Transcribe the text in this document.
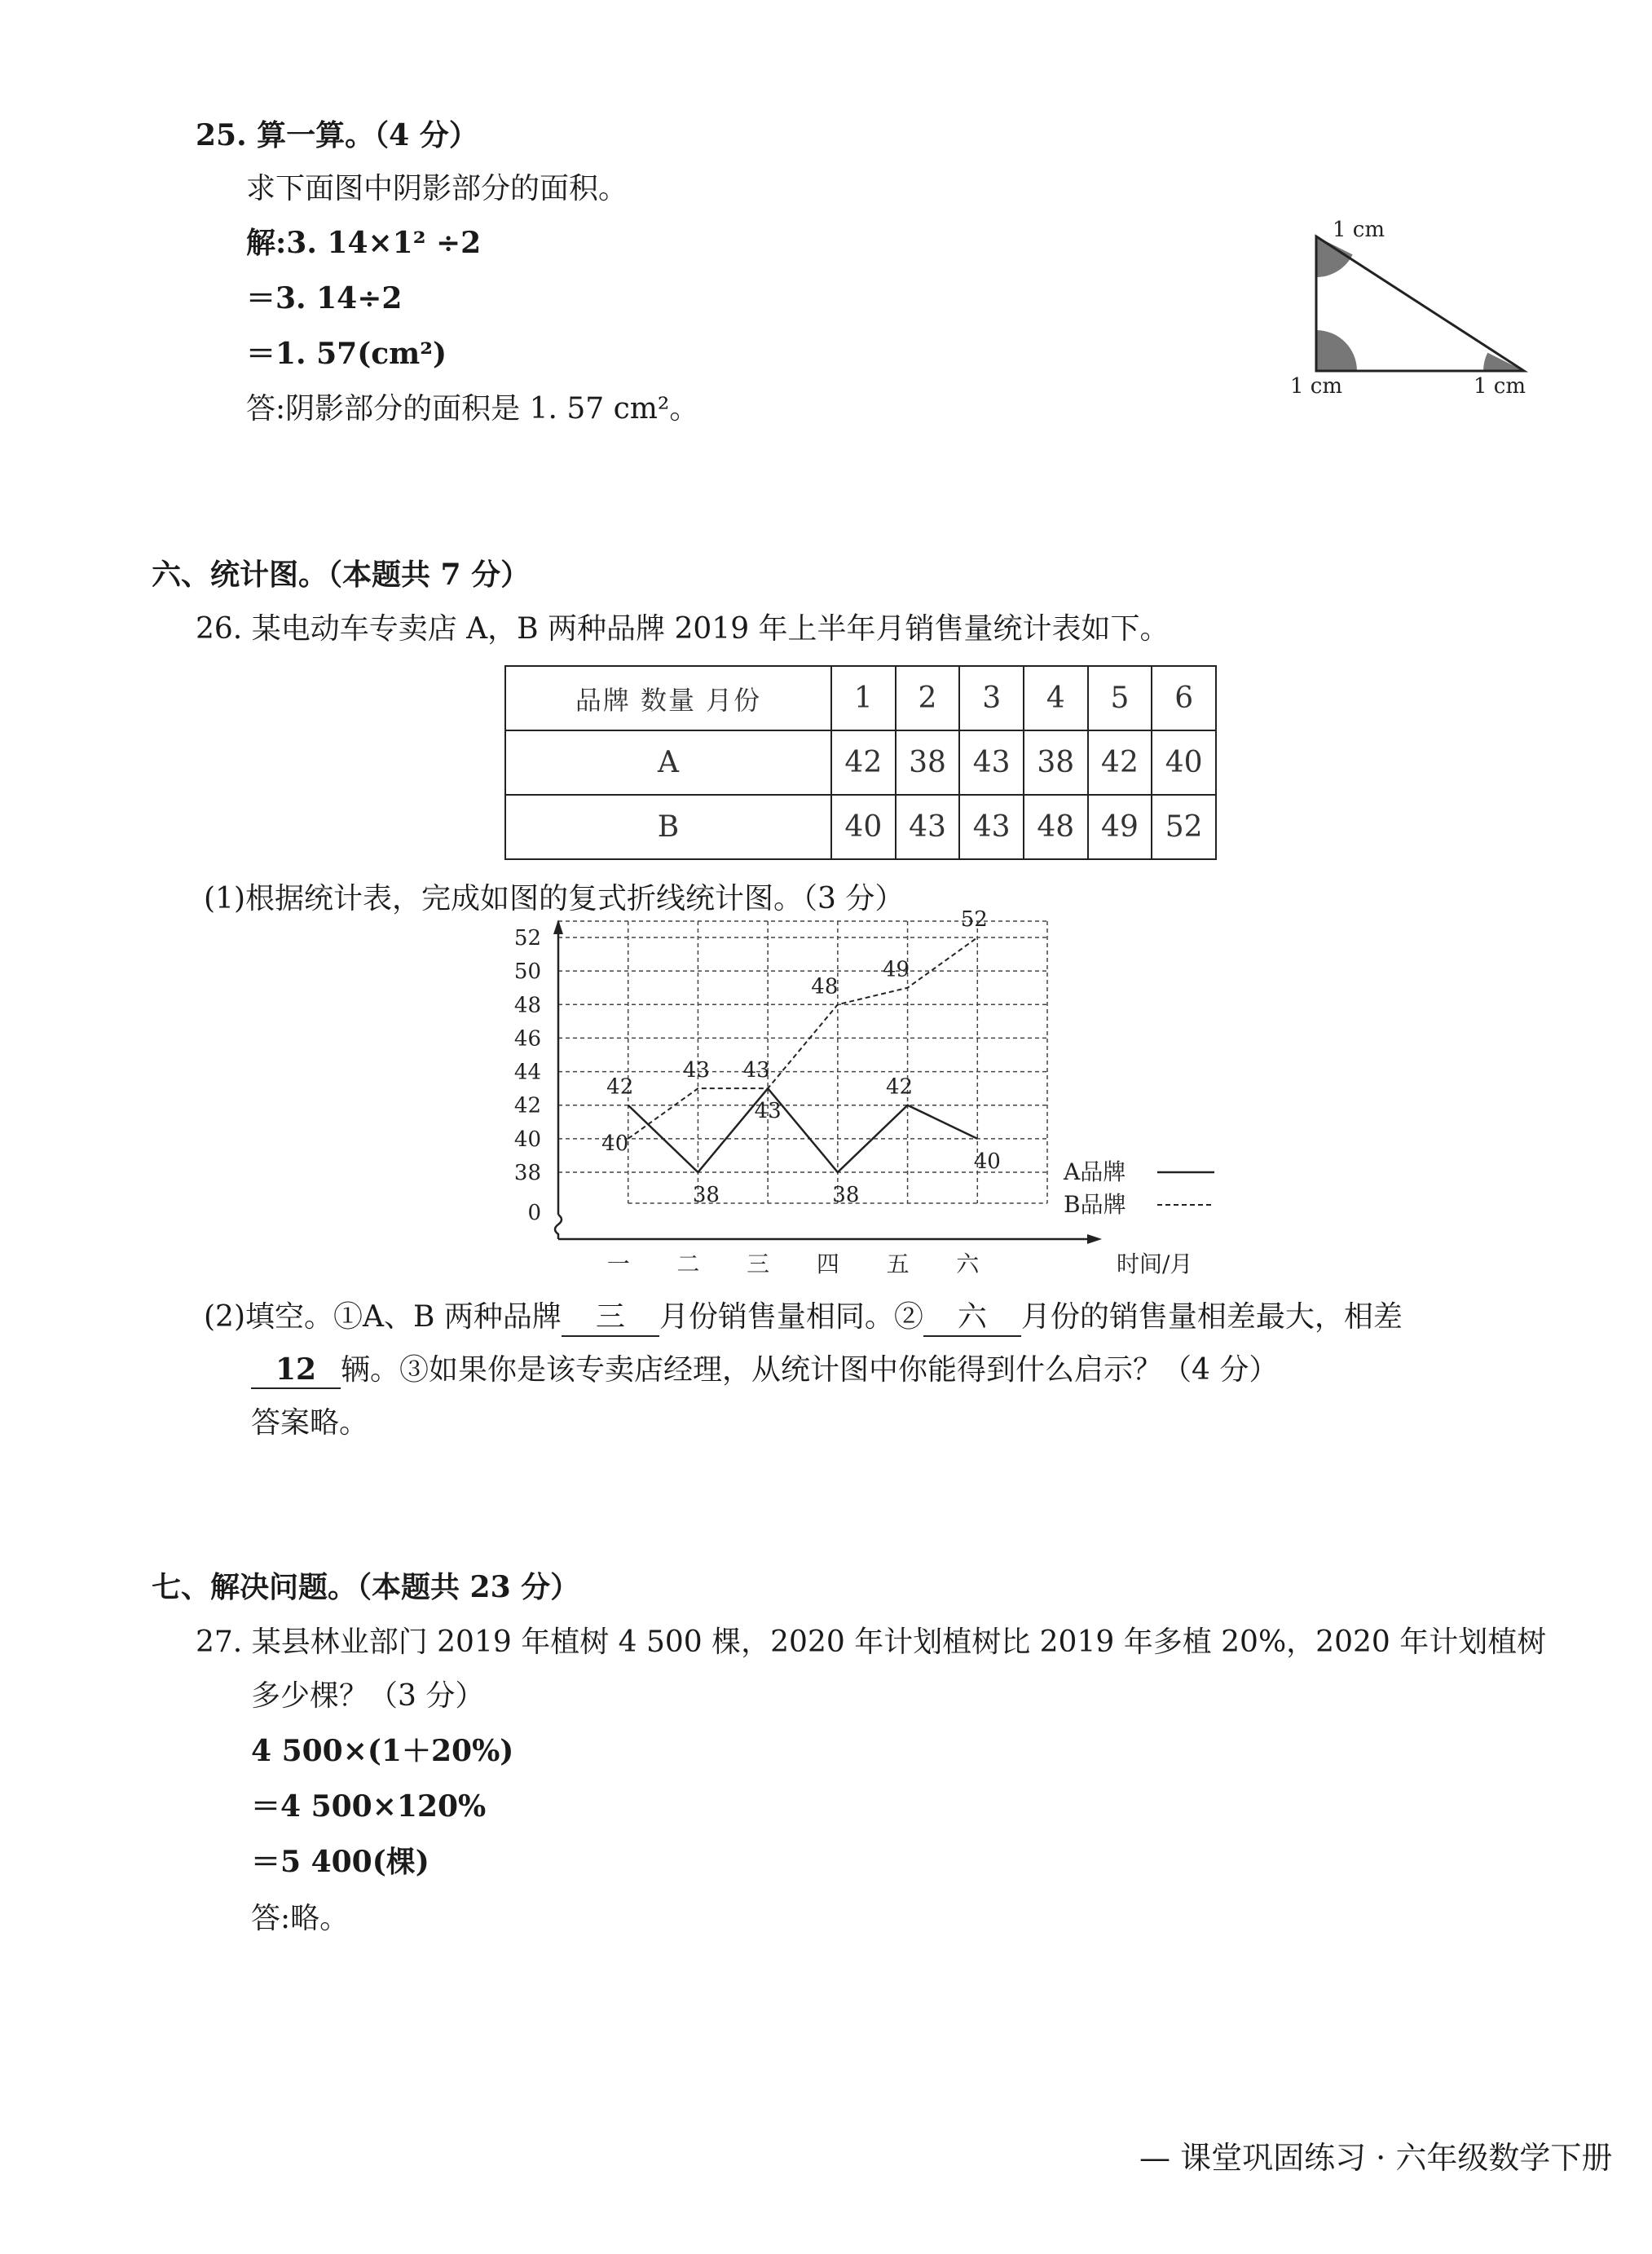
25. 算一算。（4 分）
求下面图中阴影部分的面积。
解:3. 14×1² ÷2
＝3. 14÷2
＝1. 57(cm²)
答:阴影部分的面积是 1. 57 cm²。
1 cm
1 cm	1 cm
六、统计图。（本题共 7 分）
26. 某电动车专卖店 A，B 两种品牌 2019 年上半年月销售量统计表如下。
品牌 数量 月份	1	2	3	4	5	6
A	42	38	43	38	42	40
B	40	43	43	48	49	52
(1)根据统计表，完成如图的复式折线统计图。（3 分）
52
50
48
46
44
42
40
38
0
一 二 三 四 五 六	时间/月
42
38
43
38
42
40
40
43 43
48
49
52
A品牌
B品牌
(2)填空。①A、B 两种品牌 三 月份销售量相同。② 六 月份的销售量相差最大，相差
12 辆。③如果你是该专卖店经理，从统计图中你能得到什么启示？（4 分）
答案略。
七、解决问题。（本题共 23 分）
27. 某县林业部门 2019 年植树 4 500 棵，2020 年计划植树比 2019 年多植 20%，2020 年计划植树
多少棵？（3 分）
4 500×(1＋20%)
＝4 500×120%
＝5 400(棵)
答:略。
— 课堂巩固练习 · 六年级数学下册
